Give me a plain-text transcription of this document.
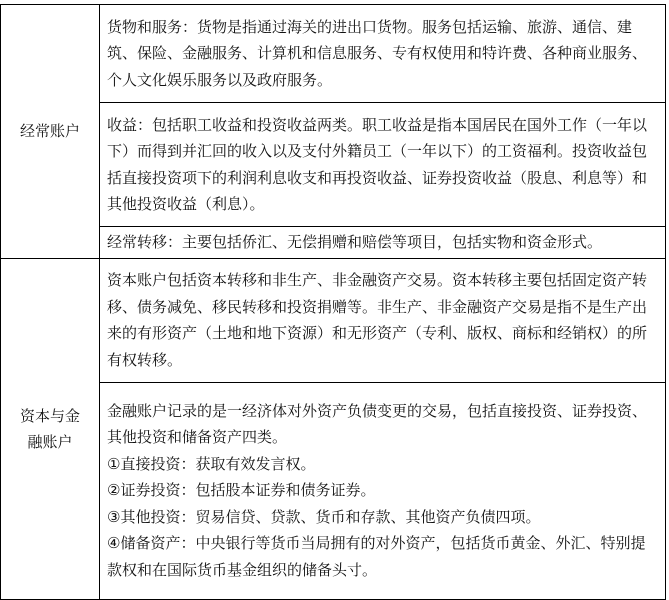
经常账户	货物和服务：货物是指通过海关的进出口货物。服务包括运输、旅游、通信、建筑、保险、金融服务、计算机和信息服务、专有权使用和特许费、各种商业服务、个人文化娱乐服务以及政府服务。
	收益：包括职工收益和投资收益两类。职工收益是指本国居民在国外工作（一年以下）而得到并汇回的收入以及支付外籍员工（一年以下）的工资福利。投资收益包括直接投资项下的利润利息收支和再投资收益、证券投资收益（股息、利息等）和其他投资收益（利息）。
	经常转移：主要包括侨汇、无偿捐赠和赔偿等项目，包括实物和资金形式。

资本与金
融账户	资本账户包括资本转移和非生产、非金融资产交易。资本转移主要包括固定资产转移、债务减免、移民转移和投资捐赠等。非生产、非金融资产交易是指不是生产出来的有形资产（土地和地下资源）和无形资产（专利、版权、商标和经销权）的所有权转移。

	金融账户记录的是一经济体对外资产负债变更的交易，包括直接投资、证券投资、其他投资和储备资产四类。
①直接投资：获取有效发言权。
②证券投资：包括股本证券和债务证券。
③其他投资：贸易信贷、贷款、货币和存款、其他资产负债四项。
④储备资产：中央银行等货币当局拥有的对外资产，包括货币黄金、外汇、特别提款权和在国际货币基金组织的储备头寸。
